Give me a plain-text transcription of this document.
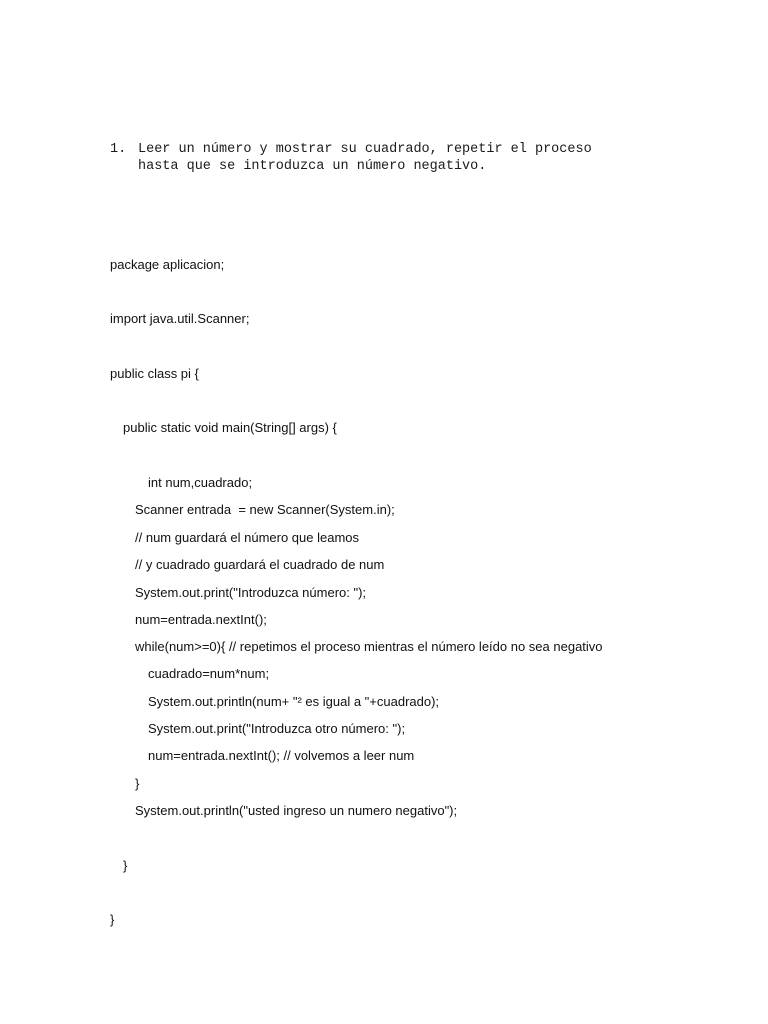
1. Leer un número y mostrar su cuadrado, repetir el proceso
hasta que se introduzca un número negativo.
package aplicacion;
import java.util.Scanner;
public class pi {
public static void main(String[] args) {
int num,cuadrado;
Scanner entrada  = new Scanner(System.in);
// num guardará el número que leamos
// y cuadrado guardará el cuadrado de num
System.out.print("Introduzca número: ");
num=entrada.nextInt();
while(num>=0){ // repetimos el proceso mientras el número leído no sea negativo
cuadrado=num*num;
System.out.println(num+ "² es igual a "+cuadrado);
System.out.print("Introduzca otro número: ");
num=entrada.nextInt(); // volvemos a leer num
}
System.out.println("usted ingreso un numero negativo");
}
}
